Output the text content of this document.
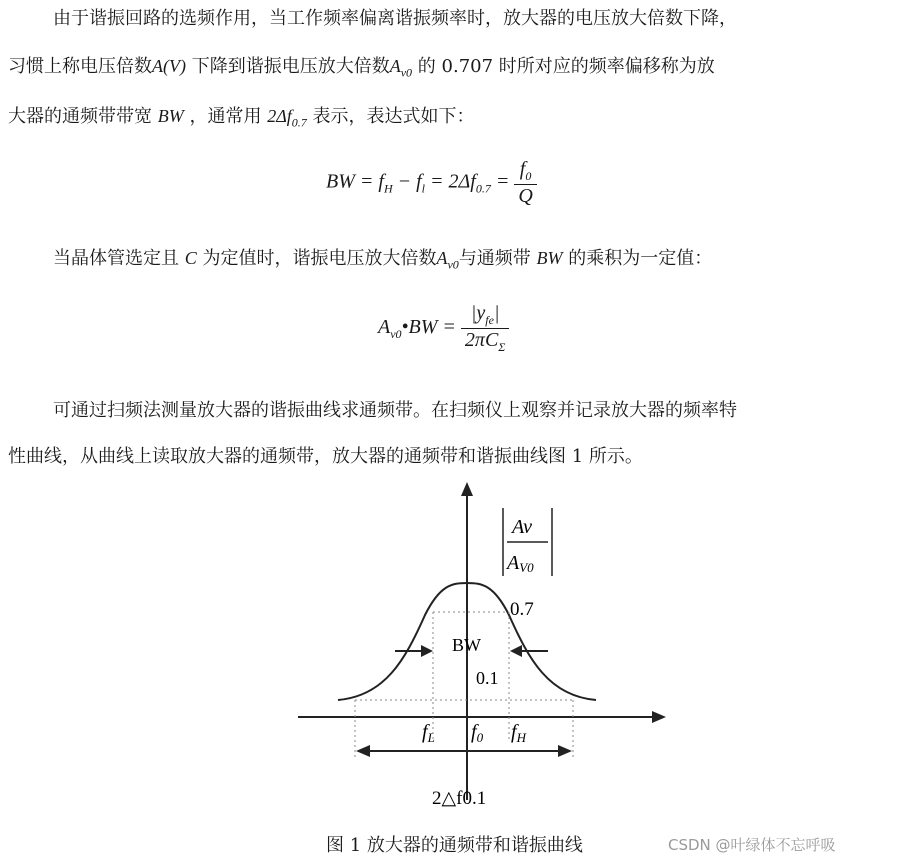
由于谐振回路的选频作用，当工作频率偏离谐振频率时，放大器的电压放大倍数下降，
习惯上称电压倍数A(V) 下降到谐振电压放大倍数$A_{v0}$ 的 0.707 时所对应的频率偏移称为放
大器的通频带带宽 BW ，通常用 $2\Delta f_{0.7}$ 表示，表达式如下：
BW = $f_H - f_l = 2\Delta f_{0.7} = \frac{f_0}{Q}$
当晶体管选定且 C 为定值时，谐振电压放大倍数$A_{v0}$与通频带 BW 的乘积为一定值：
$A_{v0}•BW = \frac{|y_{fe}|}{2\pi C_\Sigma}$
可通过扫频法测量放大器的谐振曲线求通频带。在扫频仪上观察并记录放大器的频率特
性曲线，从曲线上读取放大器的通频带，放大器的通频带和谐振曲线图 1 所示。
Av
AV0
0.7
BW
0.1
$f_L$ $f_0$ $f_H$
2△f0.1
图 1 放大器的通频带和谐振曲线	CSDN @叶绿体不忘呼吸
